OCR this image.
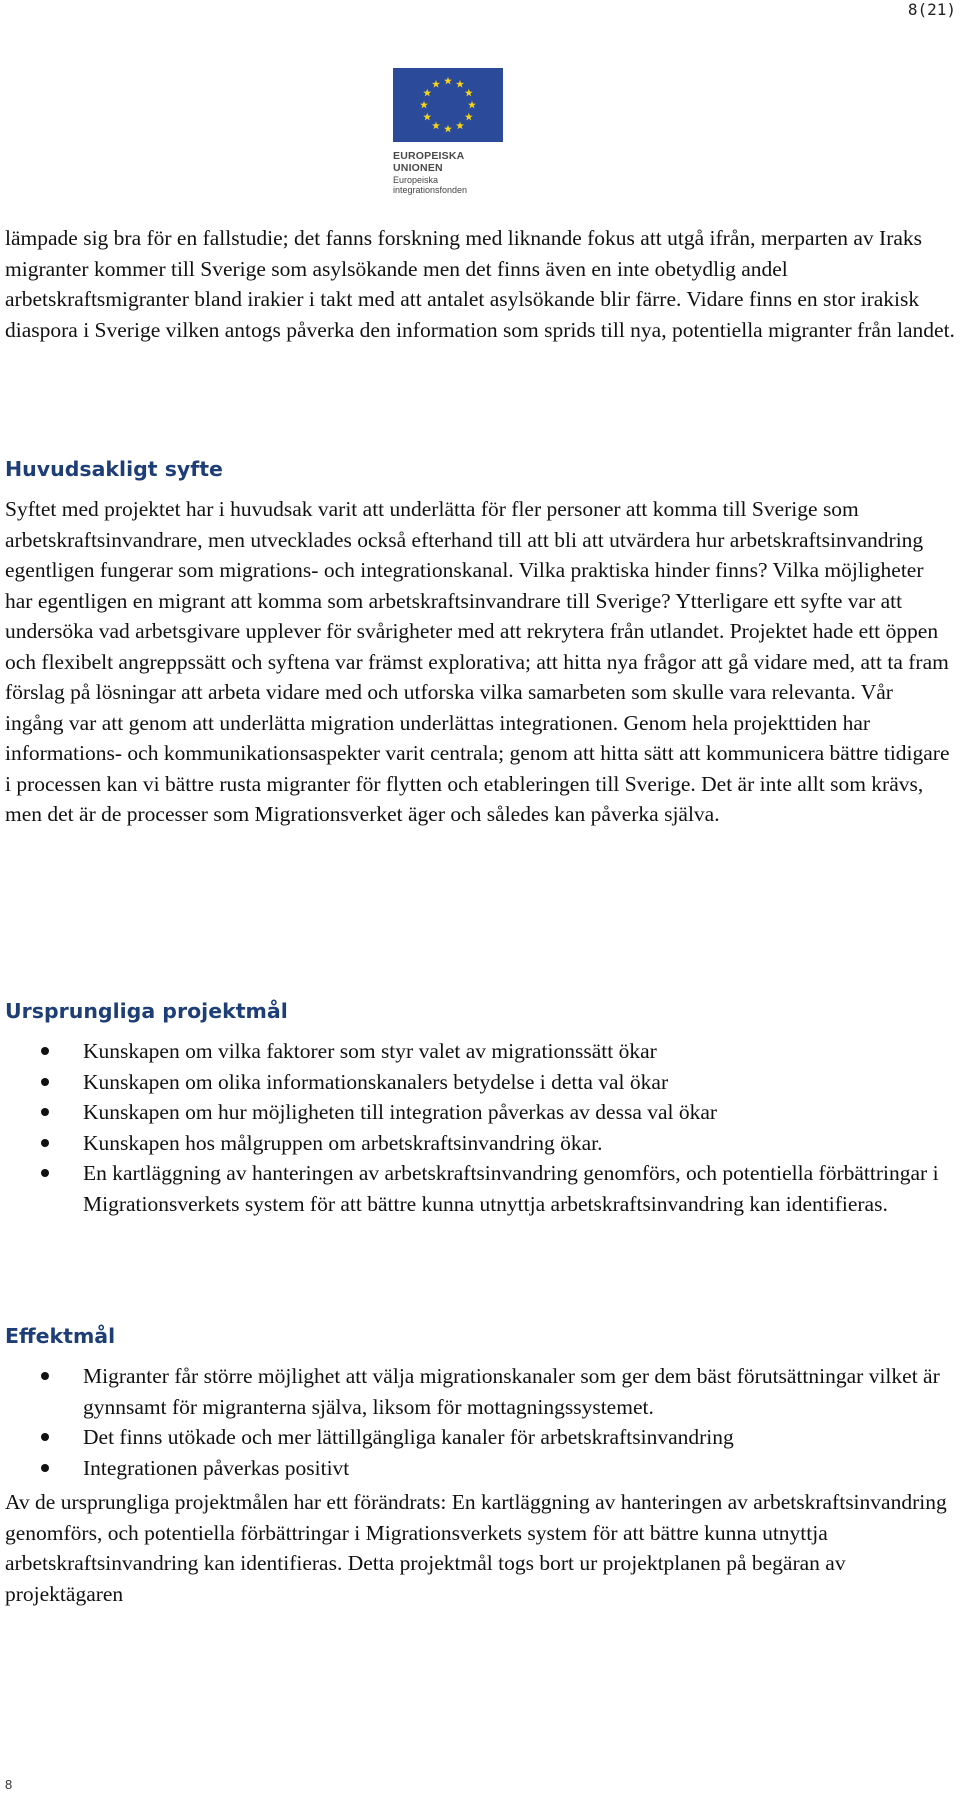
8(21)
EUROPEISKA UNIONEN
Europeiska integrationsfonden

lämpade sig bra för en fallstudie; det fanns forskning med liknande fokus att utgå ifrån, merparten av Iraks migranter kommer till Sverige som asylsökande men det finns även en inte obetydlig andel arbetskraftsmigranter bland irakier i takt med att antalet asylsökande blir färre. Vidare finns en stor irakisk diaspora i Sverige vilken antogs påverka den information som sprids till nya, potentiella migranter från landet.

Huvudsakligt syfte

Syftet med projektet har i huvudsak varit att underlätta för fler personer att komma till Sverige som arbetskraftsinvandrare, men utvecklades också efterhand till att bli att utvärdera hur arbetskraftsinvandring egentligen fungerar som migrations- och integrationskanal. Vilka praktiska hinder finns? Vilka möjligheter har egentligen en migrant att komma som arbetskraftsinvandrare till Sverige? Ytterligare ett syfte var att undersöka vad arbetsgivare upplever för svårigheter med att rekrytera från utlandet. Projektet hade ett öppen och flexibelt angreppssätt och syftena var främst explorativa; att hitta nya frågor att gå vidare med, att ta fram förslag på lösningar att arbeta vidare med och utforska vilka samarbeten som skulle vara relevanta. Vår ingång var att genom att underlätta migration underlättas integrationen. Genom hela projekttiden har informations- och kommunikationsaspekter varit centrala; genom att hitta sätt att kommunicera bättre tidigare i processen kan vi bättre rusta migranter för flytten och etableringen till Sverige. Det är inte allt som krävs, men det är de processer som Migrationsverket äger och således kan påverka själva.

Ursprungliga projektmål
Kunskapen om vilka faktorer som styr valet av migrationssätt ökar
Kunskapen om olika informationskanalers betydelse i detta val ökar
Kunskapen om hur möjligheten till integration påverkas av dessa val ökar
Kunskapen hos målgruppen om arbetskraftsinvandring ökar.
En kartläggning av hanteringen av arbetskraftsinvandring genomförs, och potentiella förbättringar i Migrationsverkets system för att bättre kunna utnyttja arbetskraftsinvandring kan identifieras.
Effektmål
Migranter får större möjlighet att välja migrationskanaler som ger dem bäst förutsättningar vilket är gynnsamt för migranterna själva, liksom för mottagningssystemet.
Det finns utökade och mer lättillgängliga kanaler för arbetskraftsinvandring
Integrationen påverkas positivt

Av de ursprungliga projektmålen har ett förändrats: En kartläggning av hanteringen av arbetskraftsinvandring genomförs, och potentiella förbättringar i Migrationsverkets system för att bättre kunna utnyttja arbetskraftsinvandring kan identifieras. Detta projektmål togs bort ur projektplanen på begäran av projektägaren

8
